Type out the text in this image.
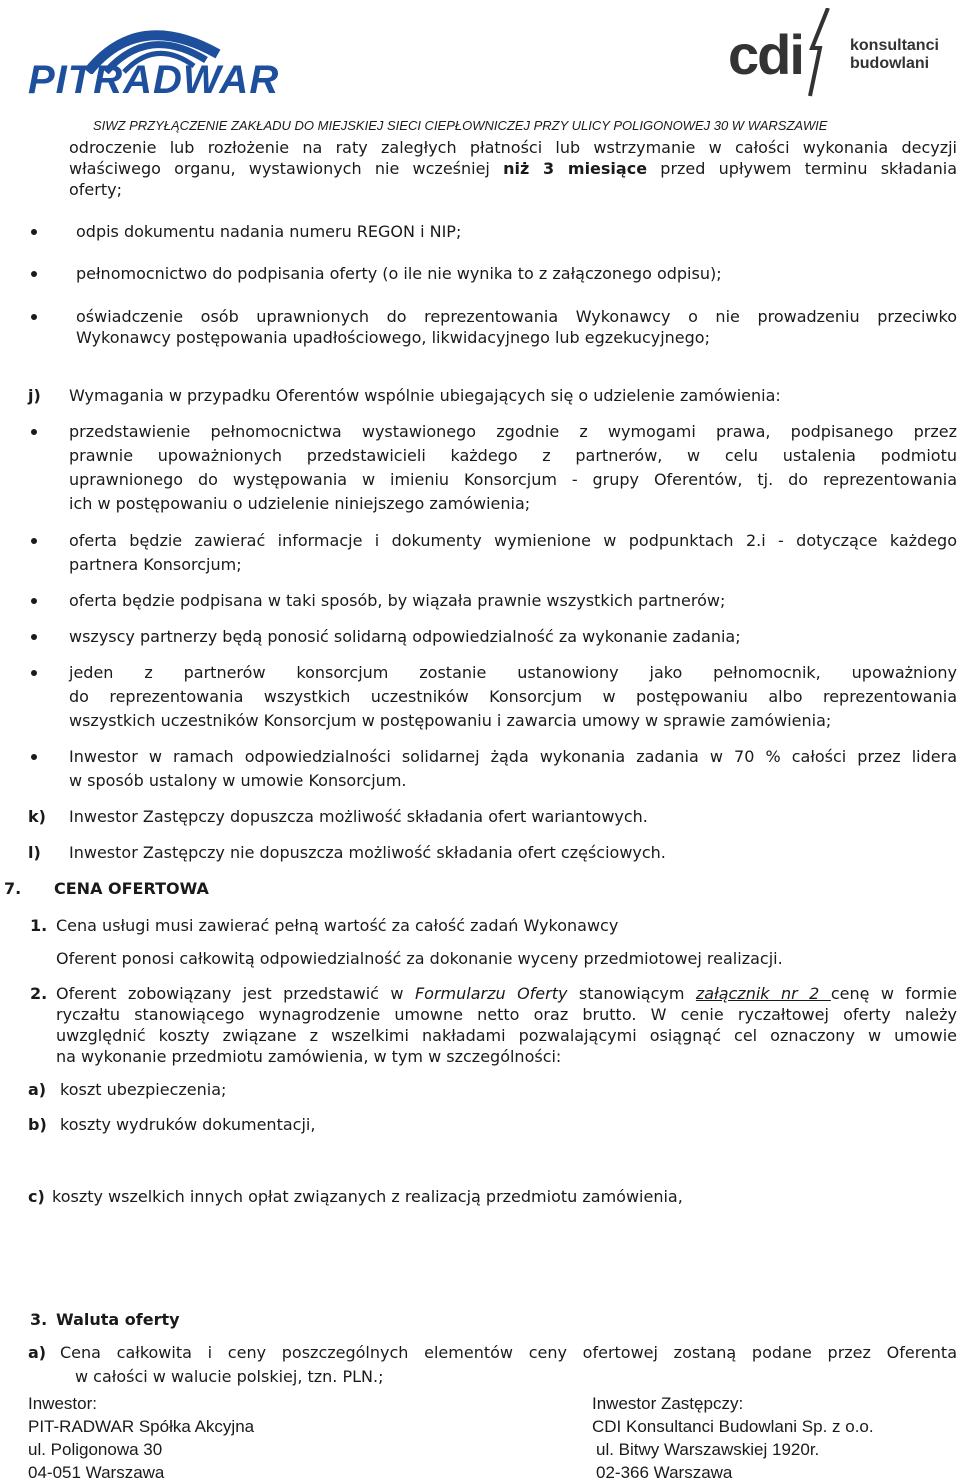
PITRADWAR	cdi	konsultanci
budowlani
SIWZ PRZYŁĄCZENIE ZAKŁADU DO MIEJSKIEJ SIECI CIEPŁOWNICZEJ PRZY ULICY POLIGONOWEJ 30 W WARSZAWIE
odroczenie lub rozłożenie na raty zaległych płatności lub wstrzymanie w całości wykonania decyzji
właściwego organu, wystawionych nie wcześniej niż 3 miesiące przed upływem terminu składania
oferty;
odpis dokumentu nadania numeru REGON i NIP;
pełnomocnictwo do podpisania oferty (o ile nie wynika to z załączonego odpisu);
oświadczenie osób uprawnionych do reprezentowania Wykonawcy o nie prowadzeniu przeciwko
Wykonawcy postępowania upadłościowego, likwidacyjnego lub egzekucyjnego;
j) Wymagania w przypadku Oferentów wspólnie ubiegających się o udzielenie zamówienia:
przedstawienie pełnomocnictwa wystawionego zgodnie z wymogami prawa, podpisanego przez
prawnie upoważnionych przedstawicieli każdego z partnerów, w celu ustalenia podmiotu
uprawnionego do występowania w imieniu Konsorcjum - grupy Oferentów, tj. do reprezentowania
ich w postępowaniu o udzielenie niniejszego zamówienia;
oferta będzie zawierać informacje i dokumenty wymienione w podpunktach 2.i - dotyczące każdego
partnera Konsorcjum;
oferta będzie podpisana w taki sposób, by wiązała prawnie wszystkich partnerów;
wszyscy partnerzy będą ponosić solidarną odpowiedzialność za wykonanie zadania;
jeden z partnerów konsorcjum zostanie ustanowiony jako pełnomocnik, upoważniony
do reprezentowania wszystkich uczestników Konsorcjum w postępowaniu albo reprezentowania
wszystkich uczestników Konsorcjum w postępowaniu i zawarcia umowy w sprawie zamówienia;
Inwestor w ramach odpowiedzialności solidarnej żąda wykonania zadania w 70 % całości przez lidera
w sposób ustalony w umowie Konsorcjum.
k) Inwestor Zastępczy dopuszcza możliwość składania ofert wariantowych.
l) Inwestor Zastępczy nie dopuszcza możliwość składania ofert częściowych.
7. CENA OFERTOWA
1. Cena usługi musi zawierać pełną wartość za całość zadań Wykonawcy
Oferent ponosi całkowitą odpowiedzialność za dokonanie wyceny przedmiotowej realizacji.
2. Oferent zobowiązany jest przedstawić w Formularzu Oferty stanowiącym załącznik nr 2 cenę w formie
ryczałtu stanowiącego wynagrodzenie umowne netto oraz brutto. W cenie ryczałtowej oferty należy
uwzględnić koszty związane z wszelkimi nakładami pozwalającymi osiągnąć cel oznaczony w umowie
na wykonanie przedmiotu zamówienia, w tym w szczególności:
a) koszt ubezpieczenia;
b) koszty wydruków dokumentacji,
c) koszty wszelkich innych opłat związanych z realizacją przedmiotu zamówienia,
3. Waluta oferty
a) Cena całkowita i ceny poszczególnych elementów ceny ofertowej zostaną podane przez Oferenta
w całości w walucie polskiej, tzn. PLN.;
Inwestor:
PIT-RADWAR Spółka Akcyjna
ul. Poligonowa 30
04-051 Warszawa
Inwestor Zastępczy:
CDI Konsultanci Budowlani Sp. z o.o.
ul. Bitwy Warszawskiej 1920r.
02-366 Warszawa
